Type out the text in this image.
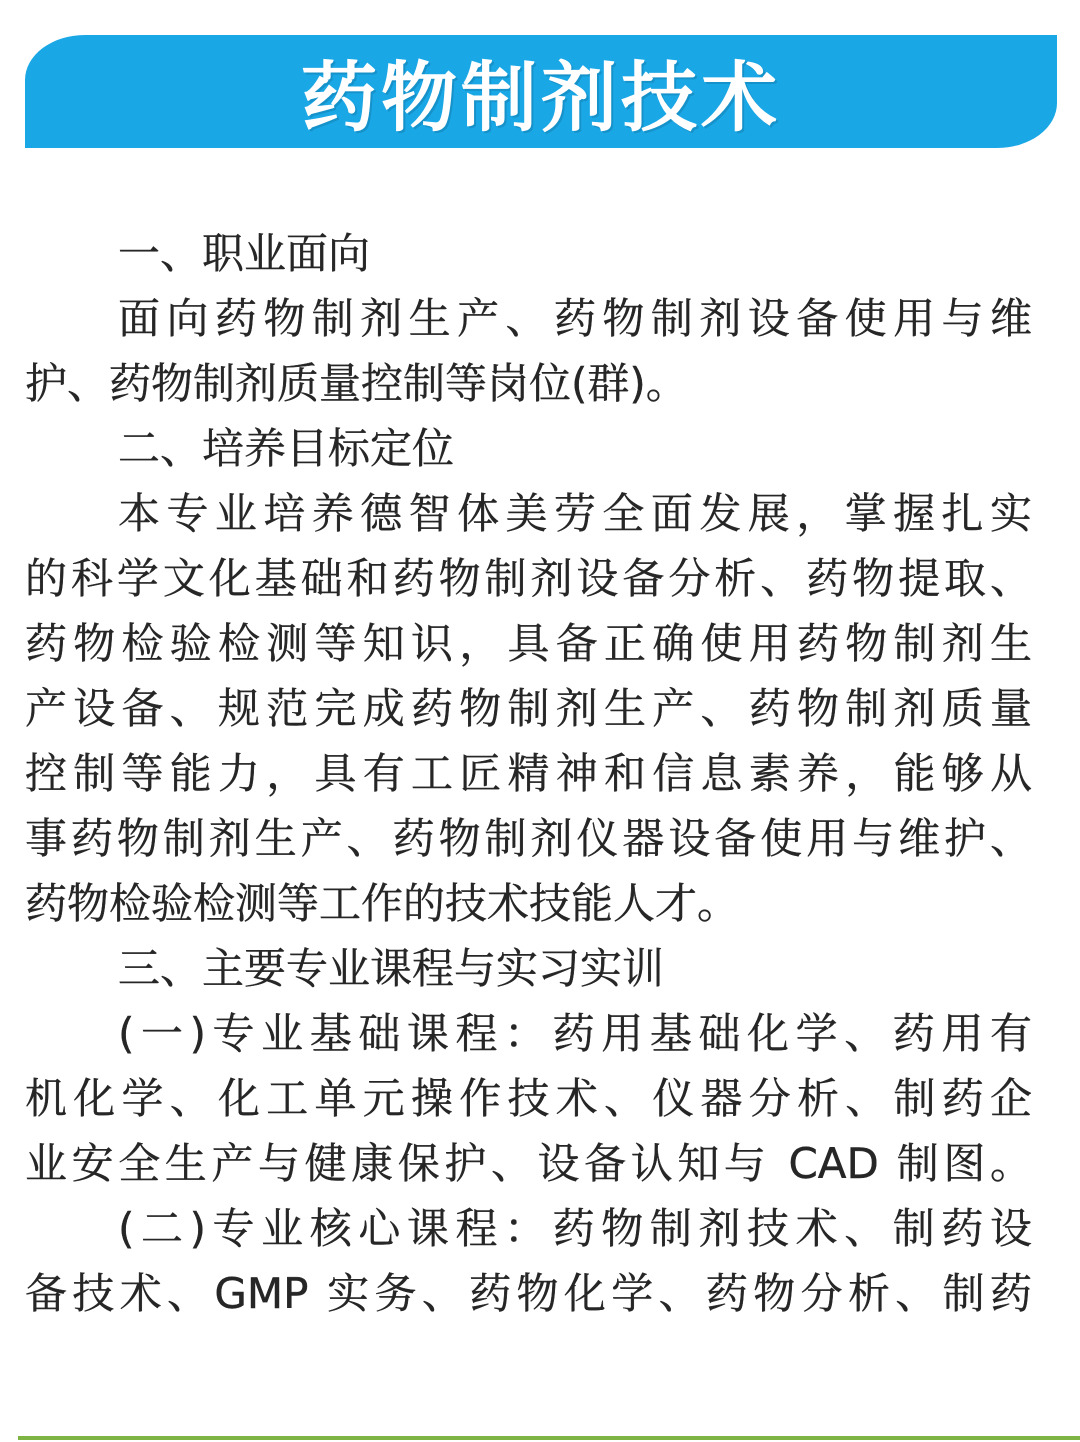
药物制剂技术
一、职业面向
面向药物制剂生产、药物制剂设备使用与维
护、药物制剂质量控制等岗位(群)。
二、培养目标定位
本专业培养德智体美劳全面发展，掌握扎实
的科学文化基础和药物制剂设备分析、药物提取、
药物检验检测等知识，具备正确使用药物制剂生
产设备、规范完成药物制剂生产、药物制剂质量
控制等能力，具有工匠精神和信息素养，能够从
事药物制剂生产、药物制剂仪器设备使用与维护、
药物检验检测等工作的技术技能人才。
三、主要专业课程与实习实训
(一)专业基础课程：药用基础化学、药用有
机化学、化工单元操作技术、仪器分析、制药企
业安全生产与健康保护、设备认知与 CAD 制图。
(二)专业核心课程：药物制剂技术、制药设
备技术、GMP 实务、药物化学、药物分析、制药
